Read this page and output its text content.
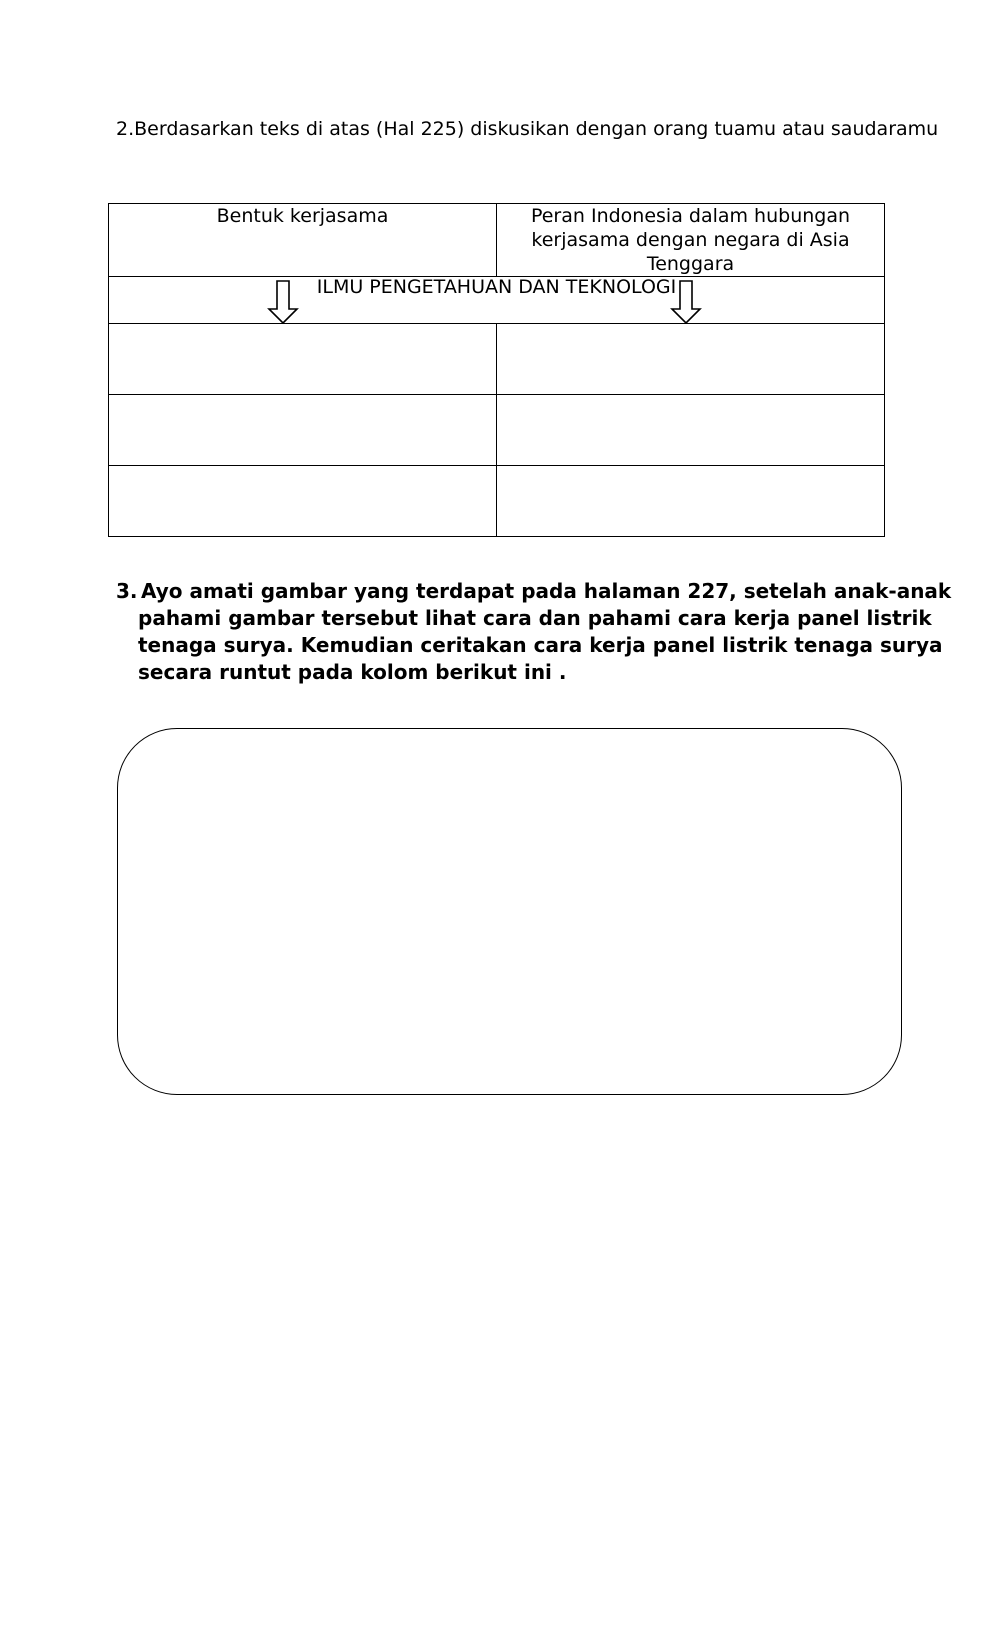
2.Berdasarkan teks di atas (Hal 225) diskusikan dengan orang tuamu atau saudaramu
Bentuk kerjasama	Peran Indonesia dalam hubungan kerjasama dengan negara di Asia Tenggara

ILMU PENGETAHUAN DAN TEKNOLOGI	

3. Ayo amati gambar yang terdapat pada halaman 227, setelah anak-anak
pahami gambar tersebut lihat cara dan pahami cara kerja panel listrik
tenaga surya. Kemudian ceritakan cara kerja panel listrik tenaga surya
secara runtut pada kolom berikut ini .
